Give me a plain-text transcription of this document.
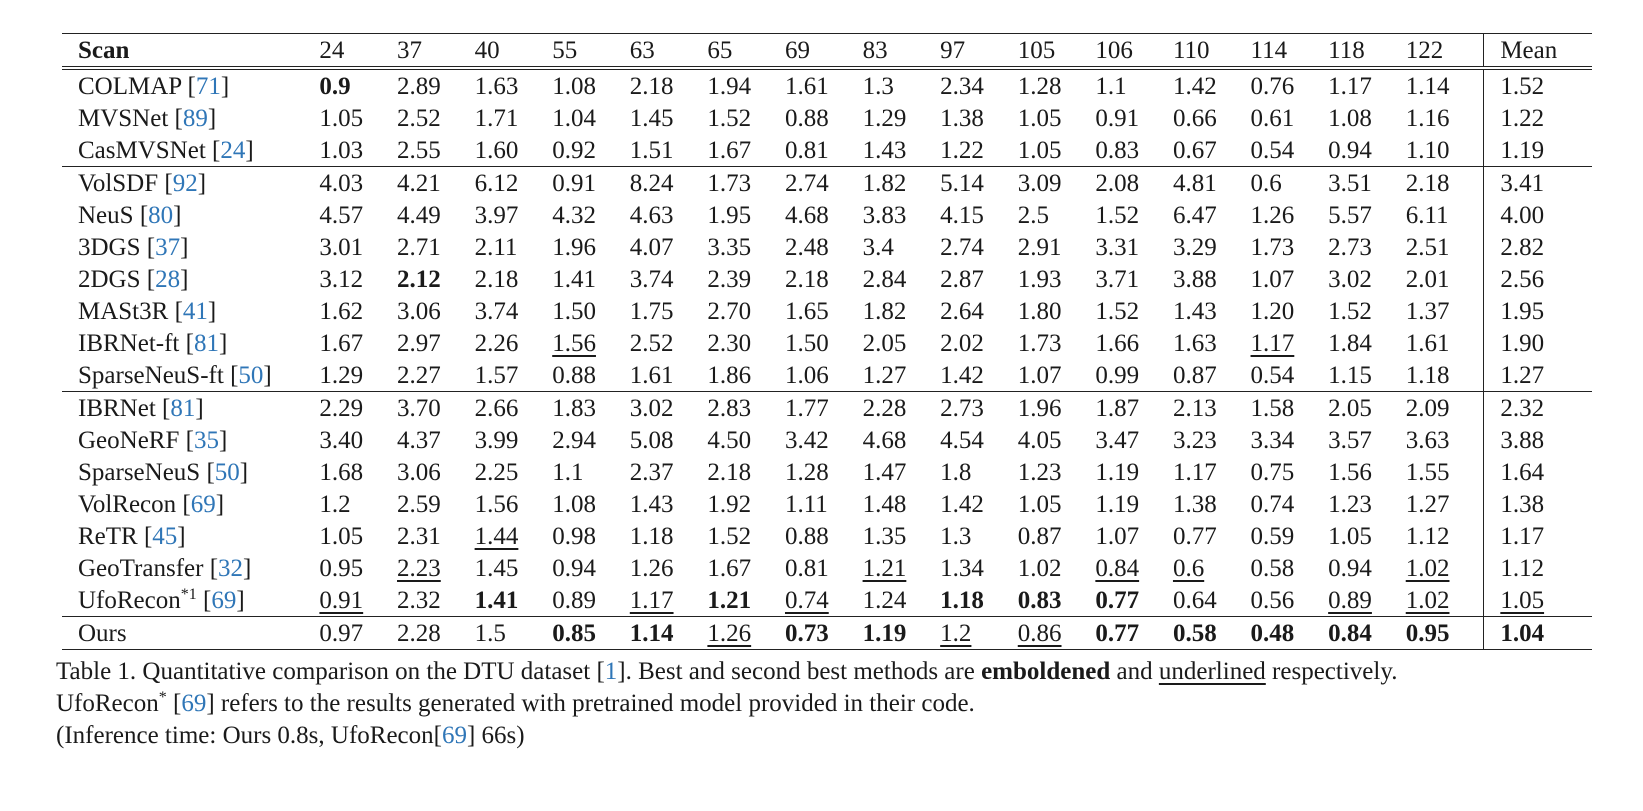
Scan	24	37	40	55	63	65	69	83	97	105	106	110	114	118	122	Mean
COLMAP [71]	0.9	2.89	1.63	1.08	2.18	1.94	1.61	1.3	2.34	1.28	1.1	1.42	0.76	1.17	1.14	1.52
MVSNet [89]	1.05	2.52	1.71	1.04	1.45	1.52	0.88	1.29	1.38	1.05	0.91	0.66	0.61	1.08	1.16	1.22
CasMVSNet [24]	1.03	2.55	1.60	0.92	1.51	1.67	0.81	1.43	1.22	1.05	0.83	0.67	0.54	0.94	1.10	1.19
VolSDF [92]	4.03	4.21	6.12	0.91	8.24	1.73	2.74	1.82	5.14	3.09	2.08	4.81	0.6	3.51	2.18	3.41
NeuS [80]	4.57	4.49	3.97	4.32	4.63	1.95	4.68	3.83	4.15	2.5	1.52	6.47	1.26	5.57	6.11	4.00
3DGS [37]	3.01	2.71	2.11	1.96	4.07	3.35	2.48	3.4	2.74	2.91	3.31	3.29	1.73	2.73	2.51	2.82
2DGS [28]	3.12	2.12	2.18	1.41	3.74	2.39	2.18	2.84	2.87	1.93	3.71	3.88	1.07	3.02	2.01	2.56
MASt3R [41]	1.62	3.06	3.74	1.50	1.75	2.70	1.65	1.82	2.64	1.80	1.52	1.43	1.20	1.52	1.37	1.95
IBRNet-ft [81]	1.67	2.97	2.26	1.56	2.52	2.30	1.50	2.05	2.02	1.73	1.66	1.63	1.17	1.84	1.61	1.90
SparseNeuS-ft [50]	1.29	2.27	1.57	0.88	1.61	1.86	1.06	1.27	1.42	1.07	0.99	0.87	0.54	1.15	1.18	1.27
IBRNet [81]	2.29	3.70	2.66	1.83	3.02	2.83	1.77	2.28	2.73	1.96	1.87	2.13	1.58	2.05	2.09	2.32
GeoNeRF [35]	3.40	4.37	3.99	2.94	5.08	4.50	3.42	4.68	4.54	4.05	3.47	3.23	3.34	3.57	3.63	3.88
SparseNeuS [50]	1.68	3.06	2.25	1.1	2.37	2.18	1.28	1.47	1.8	1.23	1.19	1.17	0.75	1.56	1.55	1.64
VolRecon [69]	1.2	2.59	1.56	1.08	1.43	1.92	1.11	1.48	1.42	1.05	1.19	1.38	0.74	1.23	1.27	1.38
ReTR [45]	1.05	2.31	1.44	0.98	1.18	1.52	0.88	1.35	1.3	0.87	1.07	0.77	0.59	1.05	1.12	1.17
GeoTransfer [32]	0.95	2.23	1.45	0.94	1.26	1.67	0.81	1.21	1.34	1.02	0.84	0.6	0.58	0.94	1.02	1.12
UfoRecon$^{*1}$ [69]	0.91	2.32	1.41	0.89	1.17	1.21	0.74	1.24	1.18	0.83	0.77	0.64	0.56	0.89	1.02	1.05
Ours	0.97	2.28	1.5	0.85	1.14	1.26	0.73	1.19	1.2	0.86	0.77	0.58	0.48	0.84	0.95	1.04

Table 1. Quantitative comparison on the DTU dataset [1]. Best and second best methods are emboldened and underlined respectively.

UfoRecon* [69] refers to the results generated with pretrained model provided in their code.

(Inference time: Ours 0.8s, UfoRecon[69] 66s)
